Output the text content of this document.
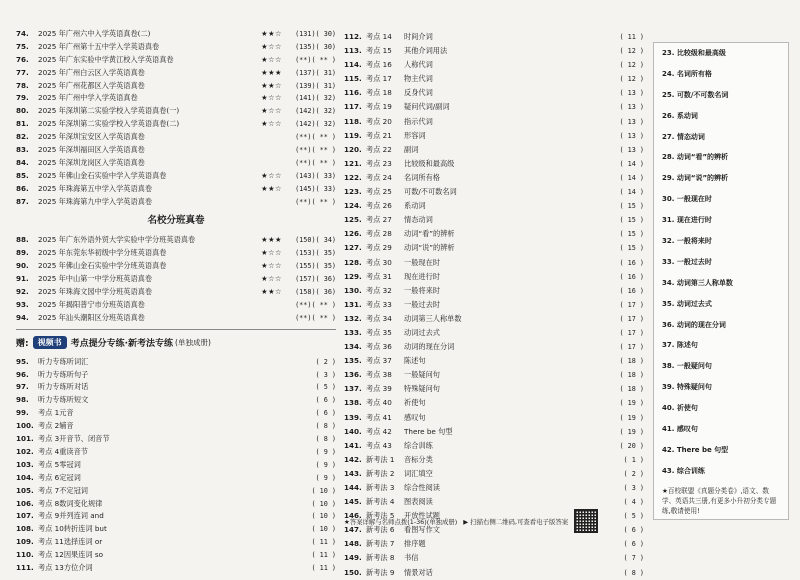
74.	2025 年广州六中入学英语真卷(二)	★★☆	(131)( 30)
75.	2025 年广州第十五中学入学英语真卷	★☆☆	(135)( 30)
76.	2025 年广东实验中学黄江校入学英语真卷	★☆☆	(**)( ** )
77.	2025 年广州白云区入学英语真卷	★★★	(137)( 31)
78.	2025 年广州花都区入学英语真卷	★★☆	(139)( 31)
79.	2025 年广州中学入学英语真卷	★☆☆	(141)( 32)
80.	2025 年深圳第二实验学校入学英语真卷(一)	★☆☆	(142)( 32)
81.	2025 年深圳第二实验学校入学英语真卷(二)	★☆☆	(142)( 32)
82.	2025 年深圳宝安区入学英语真卷	(**)( ** )
83.	2025 年深圳福田区入学英语真卷	(**)( ** )
84.	2025 年深圳龙岗区入学英语真卷	(**)( ** )
85.	2025 年佛山金石实验中学入学英语真卷	★☆☆	(143)( 33)
86.	2025 年珠海第五中学入学英语真卷	★★☆	(145)( 33)
87.	2025 年珠海第九中学入学英语真卷	(**)( ** )
名校分班真卷
88.	2025 年广东外语外贸大学实验中学分班英语真卷	★★★	(150)( 34)
89.	2025 年东莞东华初级中学分班英语真卷	★☆☆	(153)( 35)
90.	2025 年佛山金石实验中学分班英语真卷	★☆☆	(155)( 35)
91.	2025 年中山第一中学分班英语真卷	★☆☆	(157)( 36)
92.	2025 年珠海文园中学分班英语真卷	★★☆	(158)( 36)
93.	2025 年揭阳普宁市分班英语真卷	(**)( ** )
94.	2025 年汕头潮阳区分班英语真卷	(**)( ** )
赠:	视频书	考点提分专练·新考法专练 (单独成册)
95.	听力专练 听词汇	( 2 )
96.	听力专练 听句子	( 3 )
97.	听力专练 听对话	( 5 )
98.	听力专练 听短文	( 6 )
99.	考点 1 元音	( 6 )
100. 考点 2 辅音	( 8 )
101. 考点 3 开音节、闭音节	( 8 )
102. 考点 4 重读音节	( 9 )
103. 考点 5 零冠词	( 9 )
104. 考点 6 定冠词	( 9 )
105. 考点 7 不定冠词	( 10 )
106. 考点 8 数词变化规律	( 10 )
107. 考点 9 并列连词 and	( 10 )
108. 考点 10 转折连词 but	( 10 )
109. 考点 11 选择连词 or	( 11 )
110. 考点 12 因果连词 so	( 11 )
111. 考点 13 方位介词	( 11 )
112. 考点 14	时间介词	( 11 )
113. 考点 15	其他介词用法	( 12 )
114. 考点 16	人称代词	( 12 )
115. 考点 17	物主代词	( 12 )
116. 考点 18	反身代词	( 13 )
117. 考点 19	疑问代词/副词	( 13 )
118. 考点 20	指示代词	( 13 )
119. 考点 21	形容词	( 13 )
120. 考点 22	副词	( 13 )
121. 考点 23	比较级和最高级	( 14 )
122. 考点 24	名词所有格	( 14 )
123. 考点 25	可数/不可数名词	( 14 )
124. 考点 26	系动词	( 15 )
125. 考点 27	情态动词	( 15 )
126. 考点 28	动词“看”的辨析	( 15 )
127. 考点 29	动词“说”的辨析	( 15 )
128. 考点 30	一般现在时	( 16 )
129. 考点 31	现在进行时	( 16 )
130. 考点 32	一般将来时	( 16 )
131. 考点 33	一般过去时	( 17 )
132. 考点 34	动词第三人称单数	( 17 )
133. 考点 35	动词过去式	( 17 )
134. 考点 36	动词的现在分词	( 17 )
135. 考点 37	陈述句	( 18 )
136. 考点 38	一般疑问句	( 18 )
137. 考点 39	特殊疑问句	( 18 )
138. 考点 40	祈使句	( 19 )
139. 考点 41	感叹句	( 19 )
140. 考点 42	There be 句型	( 19 )
141. 考点 43	综合训练	( 20 )
142. 新考法 1	音标分类	( 1 )
143. 新考法 2	词汇填空	( 2 )
144. 新考法 3	综合性阅读	( 3 )
145. 新考法 4	图表阅读	( 4 )
146. 新考法 5	开放性试题	( 5 )
147. 新考法 6	看图写作文	( 6 )
148. 新考法 7	排序题	( 6 )
149. 新考法 8	书信	( 7 )
150. 新考法 9	情景对话	( 8 )
23. 比较级和最高级
24. 名词所有格
25. 可数/不可数名词
26. 系动词
27. 情态动词
28. 动词“看”的辨析
29. 动词“说”的辨析
30. 一般现在时
31. 现在进行时
32. 一般将来时
33. 一般过去时
34. 动词第三人称单数
35. 动词过去式
36. 动词的现在分词
37. 陈述句
38. 一般疑问句
39. 特殊疑问句
40. 祈使句
41. 感叹句
42. There be 句型
43. 综合训练
★百校联盟《真题分类卷》,语文、数学、英语共三册,有更多小升初分类专题练,敬请使用!
★答案详解与名师点拨(1-36)(单独成册) ▶ 扫描右侧二维码,可查看电子版答案
